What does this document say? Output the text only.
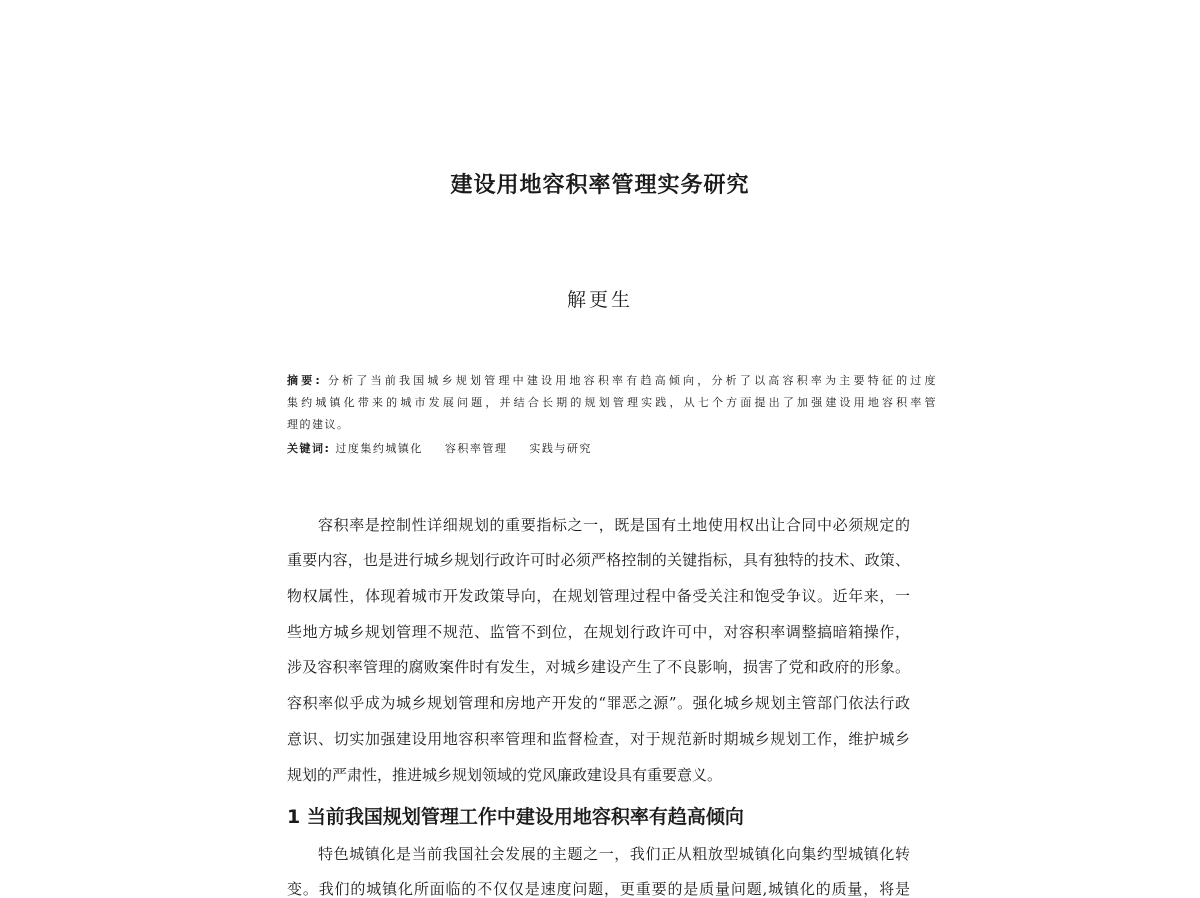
建设用地容积率管理实务研究
解更生
摘要: 分析了当前我国城乡规划管理中建设用地容积率有趋高倾向，分析了以高容积率为主要特征的过度
集约城镇化带来的城市发展问题，并结合长期的规划管理实践，从七个方面提出了加强建设用地容积率管
理的建议。
关键词: 过度集约城镇化 容积率管理 实践与研究
容积率是控制性详细规划的重要指标之一，既是国有土地使用权出让合同中必须规定的
重要内容，也是进行城乡规划行政许可时必须严格控制的关键指标，具有独特的技术、政策、
物权属性，体现着城市开发政策导向，在规划管理过程中备受关注和饱受争议。近年来，一
些地方城乡规划管理不规范、监管不到位，在规划行政许可中，对容积率调整搞暗箱操作，
涉及容积率管理的腐败案件时有发生，对城乡建设产生了不良影响，损害了党和政府的形象。
容积率似乎成为城乡规划管理和房地产开发的“罪恶之源”。强化城乡规划主管部门依法行政
意识、切实加强建设用地容积率管理和监督检查，对于规范新时期城乡规划工作，维护城乡
规划的严肃性，推进城乡规划领域的党风廉政建设具有重要意义。
1 当前我国规划管理工作中建设用地容积率有趋高倾向
特色城镇化是当前我国社会发展的主题之一，我们正从粗放型城镇化向集约型城镇化转
变。我们的城镇化所面临的不仅仅是速度问题，更重要的是质量问题,城镇化的质量，将是
